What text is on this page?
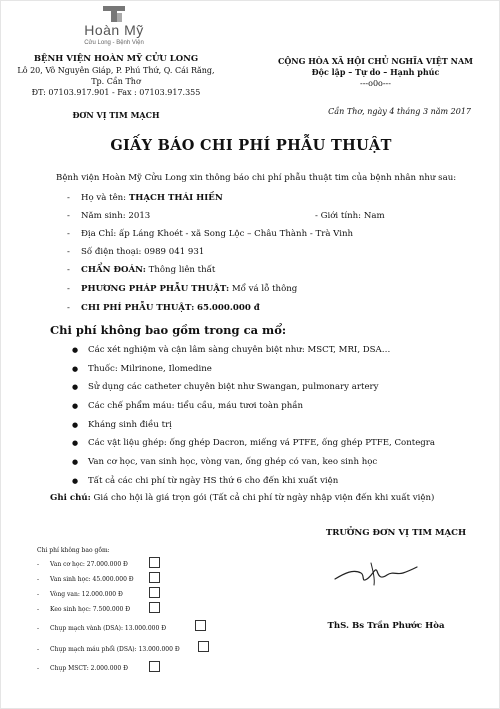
Hoàn Mỹ
Cửu Long - Bệnh Viện
BỆNH VIỆN HOÀN MỸ CỬU LONG
Lô 20, Võ Nguyên Giáp, P. Phú Thứ, Q. Cái Răng,
Tp. Cần Thơ
ĐT: 07103.917.901 - Fax : 07103.917.355
ĐƠN VỊ TIM MẠCH
CỘNG HÒA XÃ HỘI CHỦ NGHĨA VIỆT NAM
Độc lập – Tự do – Hạnh phúc
---o0o---
Cần Thơ, ngày 4 tháng 3 năm 2017
GIẤY BÁO CHI PHÍ PHẪU THUẬT
Bệnh viện Hoàn Mỹ Cửu Long xin thông báo chi phí phẫu thuật tim của bệnh nhân như sau:
- Họ và tên: THẠCH THÁI HIỀN
- Năm sinh: 2013	- Giới tính: Nam
- Địa Chỉ: ấp Láng Khoét - xã Song Lộc – Châu Thành - Trà Vinh
- Số điện thoại: 0989 041 931
- CHẨN ĐOÁN: Thông liên thất
- PHƯƠNG PHÁP PHẪU THUẬT: Mổ vá lỗ thông
- CHI PHÍ PHẪU THUẬT: 65.000.000 đ
Chi phí không bao gồm trong ca mổ:
● Các xét nghiệm và cận lâm sàng chuyên biệt như: MSCT, MRI, DSA…
● Thuốc: Milrinone, Ilomedine
● Sử dụng các catheter chuyên biệt như Swangan, pulmonary artery
● Các chế phẩm máu: tiểu cầu, máu tươi toàn phần
● Kháng sinh điều trị
● Các vật liệu ghép: ống ghép Dacron, miếng vá PTFE, ống ghép PTFE, Contegra
● Van cơ học, van sinh học, vòng van, ống ghép có van, keo sinh học
● Tất cả các chi phí từ ngày HS thứ 6 cho đến khi xuất viện
Ghi chú: Giá cho hội là giá trọn gói (Tất cả chi phí từ ngày nhập viện đến khi xuất viện)
Chi phí không bao gồm:
- Van cơ học: 27.000.000 Đ
- Van sinh học: 45.000.000 Đ
- Vòng van: 12.000.000 Đ
- Keo sinh học: 7.500.000 Đ
- Chụp mạch vành (DSA): 13.000.000 Đ
- Chụp mạch máu phổi (DSA): 13.000.000 Đ
- Chụp MSCT: 2.000.000 Đ
TRƯỞNG ĐƠN VỊ TIM MẠCH
ThS. Bs Trần Phước Hòa
